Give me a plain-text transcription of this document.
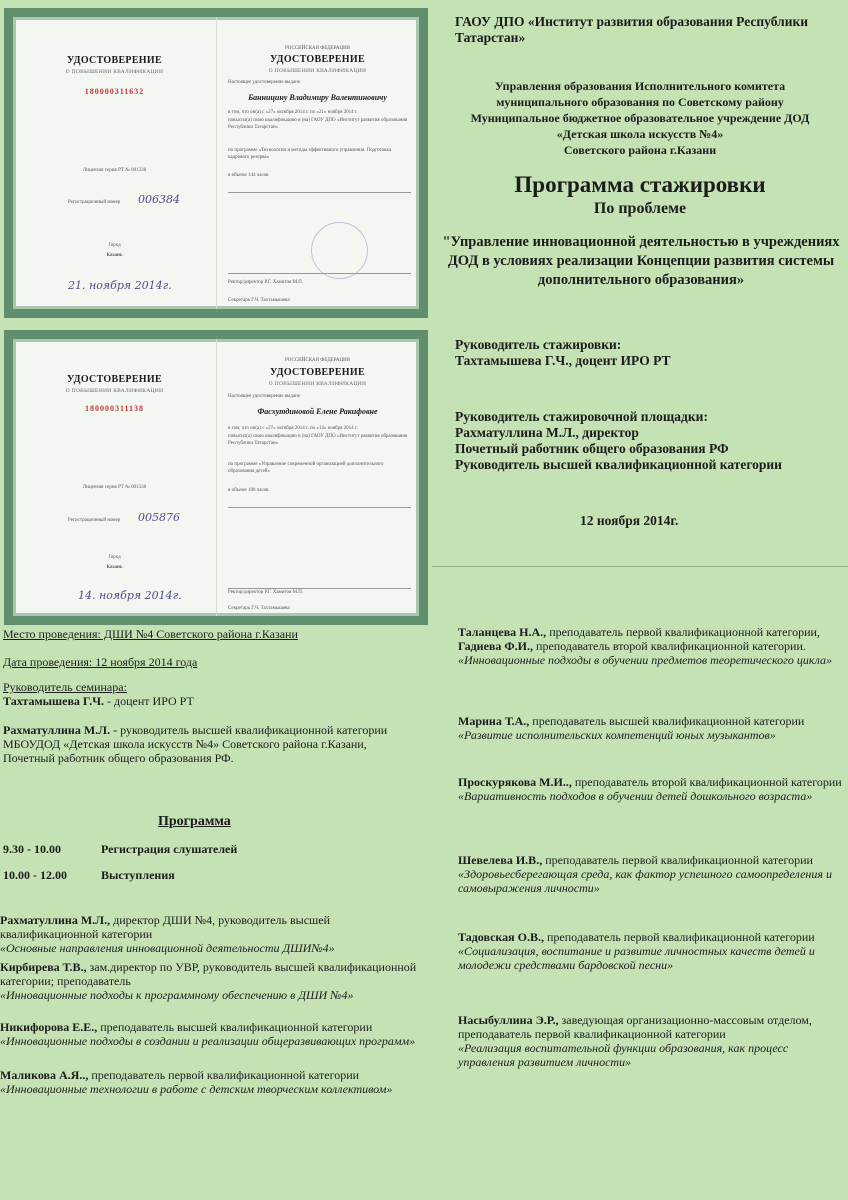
УДОСТОВЕРЕНИЕ
О ПОВЫШЕНИИ КВАЛИФИКАЦИИ
180000311632
Лицензия серия РТ № 001338
Регистрационный номер 006384
Город
Казань
21. ноября 2014г.
РОССИЙСКАЯ ФЕДЕРАЦИЯ
УДОСТОВЕРЕНИЕ
О ПОВЫШЕНИИ КВАЛИФИКАЦИИ
Настоящее удостоверение выдано
Банницину Владимиру Валентиновичу
в том, что он(а) с «27» октября 2014 г. по «21» ноября 2014 г.
повысил(а) свою квалификацию в (на) ГАОУ ДПО «Институт развития образования Республики Татарстан»
по программе «Технологии и методы эффективного управления. Подготовка кадрового резерва»
в объеме 144 часов
Ректор/директор Р.Г. Хамитов М.П.
Секретарь Г.Ч. Тахтамышева
УДОСТОВЕРЕНИЕ
О ПОВЫШЕНИИ КВАЛИФИКАЦИИ
180000311138
Лицензия серия РТ № 001338
Регистрационный номер 005876
Город
Казань
14. ноября 2014г.
РОССИЙСКАЯ ФЕДЕРАЦИЯ
УДОСТОВЕРЕНИЕ
О ПОВЫШЕНИИ КВАЛИФИКАЦИИ
Настоящее удостоверение выдано
Фасхутдиновой Елене Ракифовне
в том, что он(а) с «27» октября 2014 г. по «14» ноября 2014 г.
повысил(а) свою квалификацию в (на) ГАОУ ДПО «Институт развития образования Республики Татарстан»
по программе «Управление современной организацией дополнительного образования детей»
в объеме 108 часов
Ректор/директор Р.Г. Хамитов М.П.
Секретарь Г.Ч. Тахтамышева
ГАОУ ДПО «Институт развития образования Республики Татарстан»
Управления образования Исполнительного комитета
муниципального образования по Советскому району
Муниципальное бюджетное образовательное учреждение ДОД
«Детская школа искусств №4»
Советского района г.Казани
Программа стажировки
По проблеме
"Управление инновационной деятельностью в учреждениях ДОД в условиях реализации Концепции развития системы дополнительного образования»
Руководитель стажировки:
Тахтамышева Г.Ч., доцент ИРО РТ
Руководитель стажировочной площадки:
Рахматуллина М.Л., директор
Почетный работник общего образования РФ
Руководитель высшей квалификационной категории
12 ноября 2014г.
Место проведения: ДШИ №4 Советского района г.Казани
Дата проведения: 12 ноября 2014 года
Руководитель семинара:
Тахтамышева Г.Ч. - доцент ИРО РТ
Рахматуллина М.Л. - руководитель высшей квалификационной категории МБОУДОД «Детская школа искусств №4» Советского района г.Казани, Почетный работник общего образования РФ.
Программа
9.30 - 10.00	Регистрация слушателей
10.00 - 12.00	Выступления
Рахматуллина М.Л., директор ДШИ №4, руководитель высшей квалификационной категории
«Основные направления инновационной деятельности ДШИ№4»
Кирбирева Т.В., зам.директор по УВР, руководитель высшей квалификационной категории; преподаватель
«Инновационные подходы к программному обеспечению в ДШИ №4»
Никифорова Е.Е., преподаватель высшей квалификационной категории
«Инновационные подходы в создании и реализации общеразвивающих программ»
Маликова А.Я.., преподаватель первой квалификационной категории
«Инновационные технологии в работе с детским творческим коллективом»
Таланцева Н.А., преподаватель первой квалификационной категории,
Гадиева Ф.И., преподаватель второй квалификационной категории.
«Инновационные подходы в обучении предметов теоретического цикла»
Марина Т.А., преподаватель высшей квалификационной категории
«Развитие исполнительских компетенций юных музыкантов»
Проскурякова М.И.., преподаватель второй квалификационной категории
«Вариативность подходов в обучении детей дошкольного возраста»
Шевелева И.В., преподаватель первой квалификационной категории
«Здоровьесберегающая среда, как фактор успешного самоопределения и самовыражения личности»
Тадовская О.В., преподаватель первой квалификационной категории
«Социализация, воспитание и развитие личностных качеств детей и молодежи средствами бардовской песни»
Насыбуллина Э.Р., заведующая организационно-массовым отделом, преподаватель первой квалификационной категории
«Реализация воспитательной функции образования, как процесс управления развитием личности»
